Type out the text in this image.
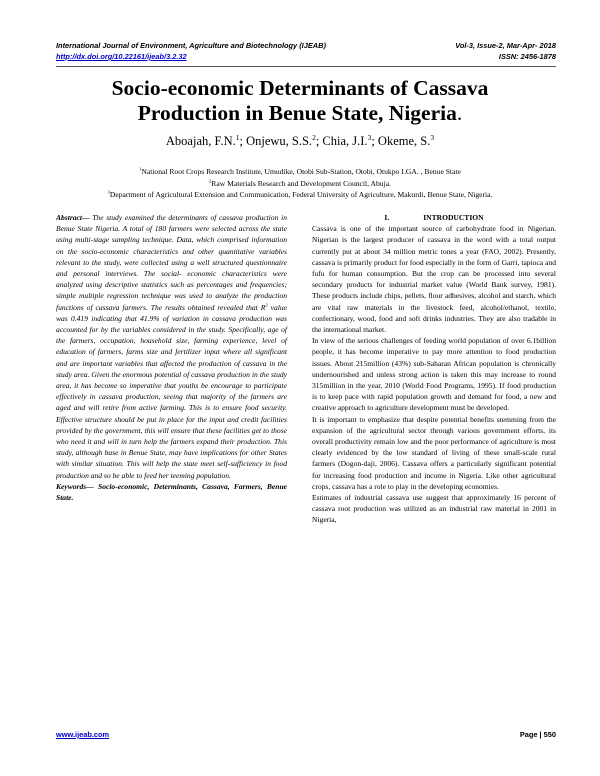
International Journal of Environment, Agriculture and Biotechnology (IJEAB)	Vol-3, Issue-2, Mar-Apr- 2018
http://dx.doi.org/10.22161/ijeab/3.2.32	ISSN: 2456-1878
Socio-economic Determinants of Cassava
Production in Benue State, Nigeria.
Aboajah, F.N.$^1$; Onjewu, S.S.$^2$; Chia, J.I.$^3$; Okeme, S.$^3$
$^1$National Root Crops Research Institute, Umudike, Otobi Sub-Station, Otobi, Otukpo LGA. , Benue State
$^2$Raw Materials Research and Development Council, Abuja.
$^3$Department of Agricultural Extension and Communication, Federal University of Agriculture, Makurdi, Benue State, Nigeria.

Abstract— The study examined the determinants of cassava production in Benue State Nigeria. A total of 180 farmers were selected across the state using multi-stage sampling technique. Data, which comprised information on the socio-economic characteristics and other quantitative variables relevant to the study, were collected using a well structured questionnaire and personal interviews. The social- economic characteristics were analyzed using descriptive statistics such as percentages and frequencies; simple multiple regression technique was used to analyze the production functions of cassava farmers. The results obtained revealed that $R^2$ value was 0.419 indicating that 41.9% of variation in cassava production was accounted for by the variables considered in the study. Specifically, age of the farmers, occupation, household size, farming experience, level of education of farmers, farms size and fertilizer input where all significant and are important variables that affected the production of cassava in the study area. Given the enormous potential of cassava production in the study area, it has become so imperative that youths be encourage to participate effectively in cassava production, seeing that majority of the farmers are aged and will retire from active farming. This is to ensure food security. Effective structure should be put in place for the input and credit facilities provided by the government, this will ensure that these facilities get to those who need it and will in turn help the farmers expand their production. This study, although base in Benue State, may have implications for other States with similar situation. This will help the state meet self-sufficiency in food production and so be able to feed her teeming population.

Keywords— Socio-economic, Determinants, Cassava, Farmers, Benue State.

I.	INTRODUCTION

Cassava is one of the important source of carbohydrate food in Nigerian. Nigerian is the largest producer of cassava in the word with a total output currently put at about 34 million metric tones a year (FAO, 2002). Presently, cassava is primarily product for food especially in the form of Garri, tapioca and fufu for human consumption. But the crop can be processed into several secondary products for industrial market value (World Bank survey, 1981). These products include chips, pellets, flour adhesives, alcohol and starch, which are vital raw materials in the livestock feed, alcohol/ethanol, textile, confectionary, wood, food and soft drinks industries. They are also tradable in the international market.

In view of the serious challenges of feeding world population of over 6.1billion people, it has become imperative to pay more attention to food production issues. About 215million (43%) sub-Saharan African population is chronically undernourished and unless strong action is taken this may increase to round 315million in the year, 2010 (World Food Programs, 1995). If food production is to keep pace with rapid population growth and demand for food, a new and creative approach to agriculture development must be developed.

It is important to emphasize that despite potential benefits stemming from the expansion of the agricultural sector through various government efforts, its overall productivity remain low and the poor performance of agriculture is most clearly evidenced by the low standard of living of these small-scale rural farmers (Dogon-daji, 2006). Cassava offers a particularly significant potential for increasing food production and income in Nigeria. Like other agricultural crops, cassava has a role to play in the developing economies.

Estimates of industrial cassava use suggest that approximately 16 percent of cassava root production was utilized as an industrial raw material in 2001 in Nigeria,

www.ijeab.com	Page | 550
